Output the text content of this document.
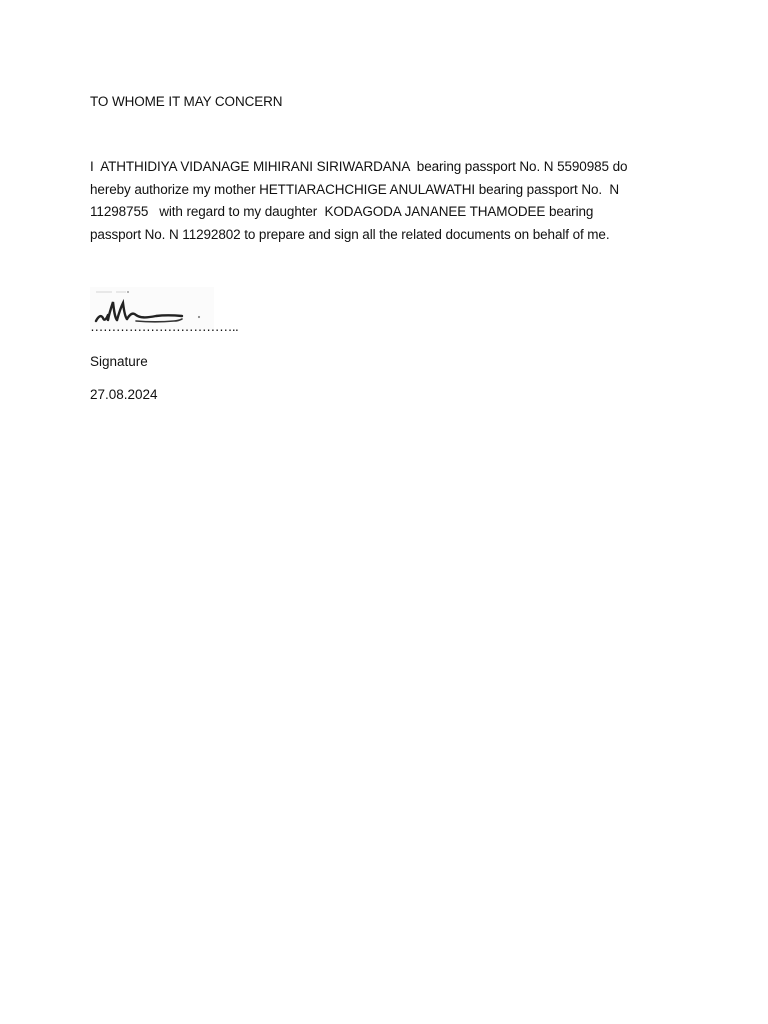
TO WHOME IT MAY CONCERN

I  ATHTHIDIYA VIDANAGE MIHIRANI SIRIWARDANA  bearing passport No. N 5590985 do
hereby authorize my mother HETTIARACHCHIGE ANULAWATHI bearing passport No.  N
11298755   with regard to my daughter  KODAGODA JANANEE THAMODEE bearing
passport No. N 11292802 to prepare and sign all the related documents on behalf of me.

……………………………..

Signature

27.08.2024
